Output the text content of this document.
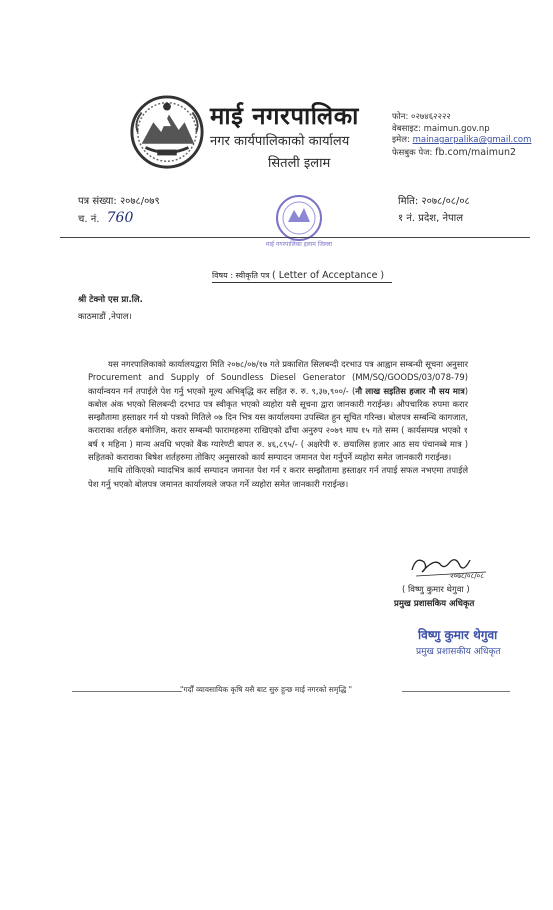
माई नगरपालिका
नगर कार्यपालिकाको कार्यालय
सितली इलाम
फोन: ०२७४६२२२२
वेबसाइट: maimun.gov.np
इमेल: mainagarpalika@gmail.com
फेसबुक पेज: fb.com/maimun2
पत्र संख्या: २०७८/०७९
च. नं. 760
माई नगरपालिका इलाम जिल्ला
मिति: २०७८/०८/०८
१ नं. प्रदेश, नेपाल
विषय : स्वीकृति पत्र ( Letter of Acceptance )
श्री टेक्नो एस प्रा.लि.
काठमाडौं ,नेपाल।

यस नगरपालिकाको कार्यालयद्वारा मिति २०७८/०७/१७ गते प्रकाशित सिलबन्दी दरभाउ पत्र आह्वान सम्बन्धी सूचना अनुसार Procurement and Supply of Soundless Diesel Generator (MM/SQ/GOODS/03/078-79) कार्यान्वयन गर्न तपाईले पेश गर्नु भएको मूल्य अभिबृद्धि कर सहित रु. रु. ९,३७,९००/- (नौ लाख सइतिस हजार नौ सय मात्र) कबोल अंक भएको सिलबन्दी दरभाउ पत्र स्वीकृत भएको व्यहोरा यसै सूचना द्वारा जानकारी गराईन्छ। औपचारिक रुपमा करार सम्झौतामा हस्ताक्षर गर्न यो पत्रको मितिले ०७ दिन भित्र यस कार्यालयमा उपस्थित हुन सूचित गरिन्छ। बोलपत्र सम्बन्धि कागजात, कराराका शर्तहरु बमोजिम, करार सम्बन्धी फारामहरुमा राखिएको ढाँचा अनुरुप २०७९ माघ १५ गते सम्म ( कार्यसम्पन्न भएको १ बर्ष १ महिना ) मान्य अवधि भएको बैंक ग्यारेण्टी बापत रु. ४६,८९५/- ( अक्षरेपी रु. छयालिस हजार आठ सय पंचानब्बे मात्र ) सहितको कराराका बिषेश शर्तहरुमा तोकिए अनुसारको कार्य सम्पादन जमानत पेश गर्नुपर्ने व्यहोरा समेत जानकारी गराईन्छ।

माथि तोकिएको म्यादभित्र कार्य सम्पादन जमानत पेश गर्न र करार सम्झौतामा हस्ताक्षर गर्न तपाई सफल नभएमा तपाईले पेश गर्नु भएको बोलपत्र जमानत कार्यालयले जफत गर्ने व्यहोरा समेत जानकारी गराईन्छ।

२०७८/०८/०८
( विष्णु कुमार थेगुवा )
प्रमुख प्रशासकिय अधिकृत
विष्णु कुमार थेगुवा
प्रमुख प्रशासकीय अधिकृत
"गर्दौं व्यावसायिक कृषि यसै बाट सुरु हुन्छ माई नगरको समृद्धि "
